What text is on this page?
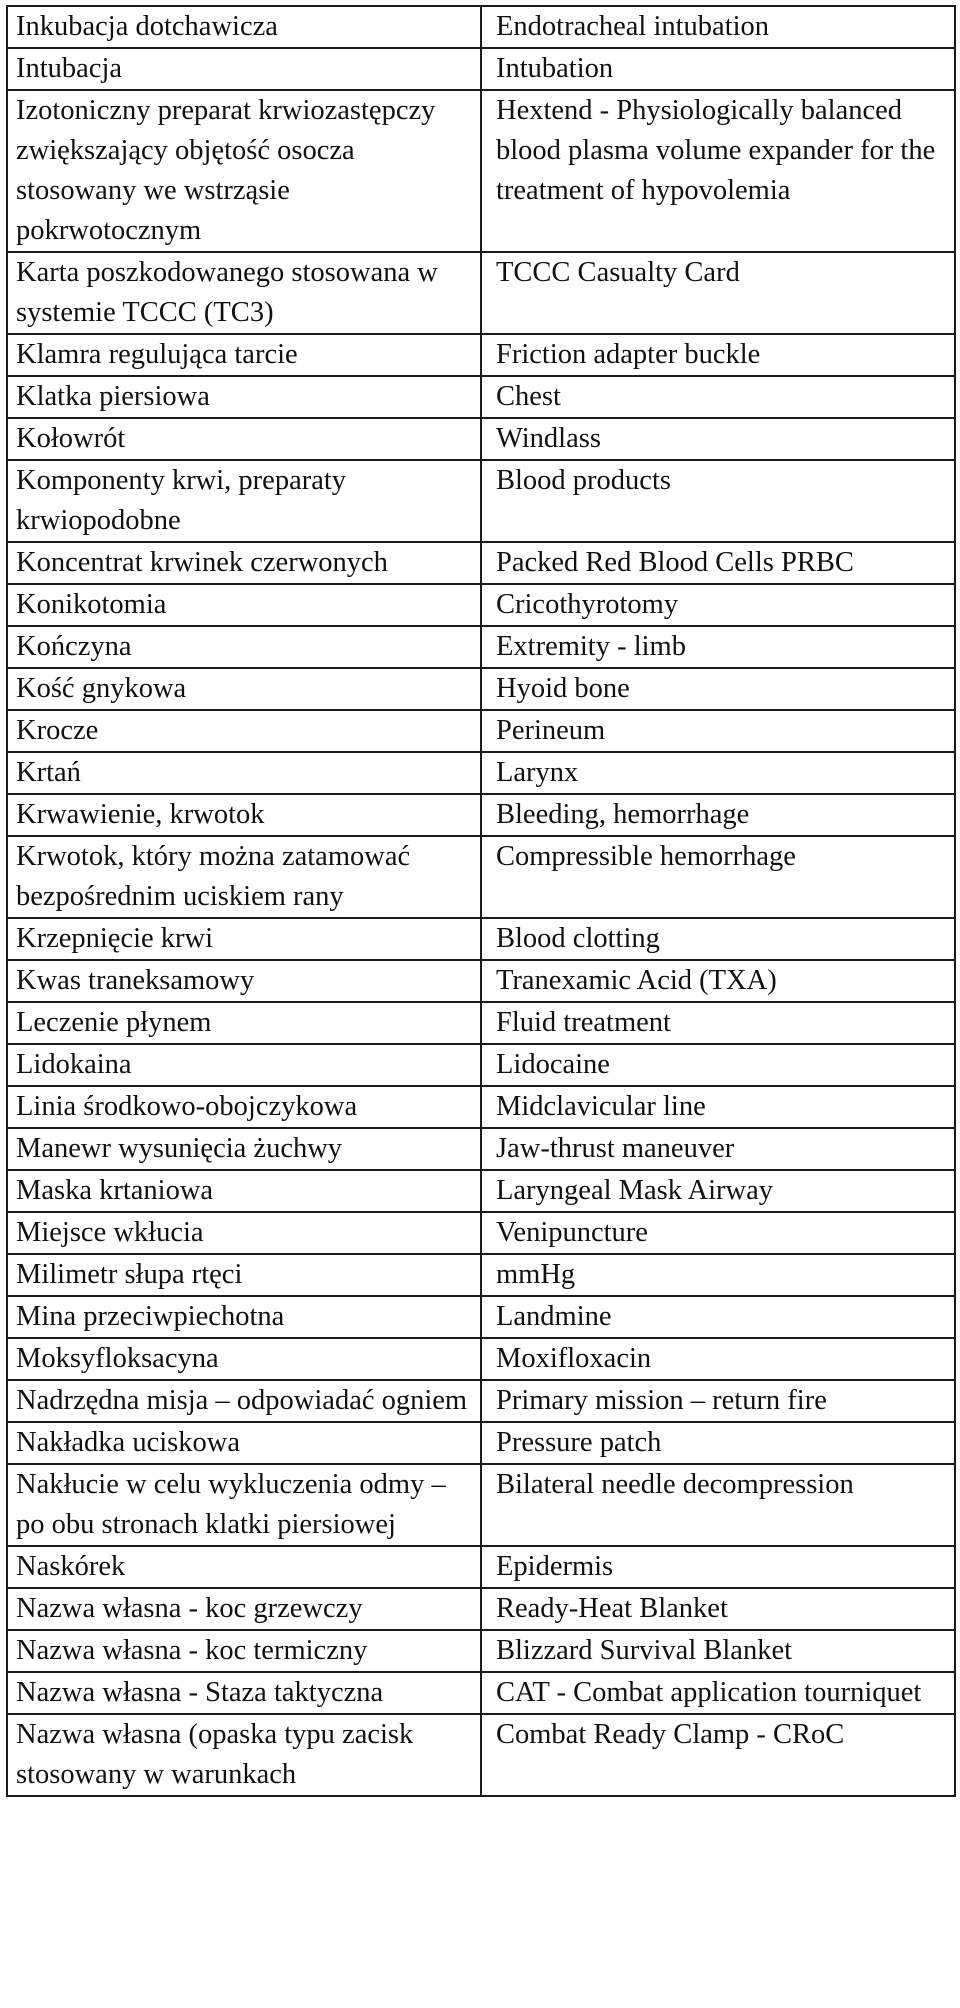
Inkubacja dotchawicza	Endotracheal intubation
Intubacja	Intubation
Izotoniczny preparat krwiozastępczy zwiększający objętość osocza stosowany we wstrząsie pokrwotocznym	Hextend - Physiologically balanced blood plasma volume expander for the treatment of hypovolemia
Karta poszkodowanego stosowana w systemie TCCC (TC3)	TCCC Casualty Card
Klamra regulująca tarcie	Friction adapter buckle
Klatka piersiowa	Chest
Kołowrót	Windlass
Komponenty krwi, preparaty krwiopodobne	Blood products
Koncentrat krwinek czerwonych	Packed Red Blood Cells PRBC
Konikotomia	Cricothyrotomy
Kończyna	Extremity - limb
Kość gnykowa	Hyoid bone
Krocze	Perineum
Krtań	Larynx
Krwawienie, krwotok	Bleeding, hemorrhage
Krwotok, który można zatamować bezpośrednim uciskiem rany	Compressible hemorrhage
Krzepnięcie krwi	Blood clotting
Kwas traneksamowy	Tranexamic Acid (TXA)
Leczenie płynem	Fluid treatment
Lidokaina	Lidocaine
Linia środkowo-obojczykowa	Midclavicular line
Manewr wysunięcia żuchwy	Jaw-thrust maneuver
Maska krtaniowa	Laryngeal Mask Airway
Miejsce wkłucia	Venipuncture
Milimetr słupa rtęci	mmHg
Mina przeciwpiechotna	Landmine
Moksyfloksacyna	Moxifloxacin
Nadrzędna misja – odpowiadać ogniem	Primary mission – return fire
Nakładka uciskowa	Pressure patch
Nakłucie w celu wykluczenia odmy – po obu stronach klatki piersiowej	Bilateral needle decompression
Naskórek	Epidermis
Nazwa własna - koc grzewczy	Ready-Heat Blanket
Nazwa własna - koc termiczny	Blizzard Survival Blanket
Nazwa własna - Staza taktyczna	CAT - Combat application tourniquet
Nazwa własna (opaska typu zacisk stosowany w warunkach	Combat Ready Clamp - CRoC
